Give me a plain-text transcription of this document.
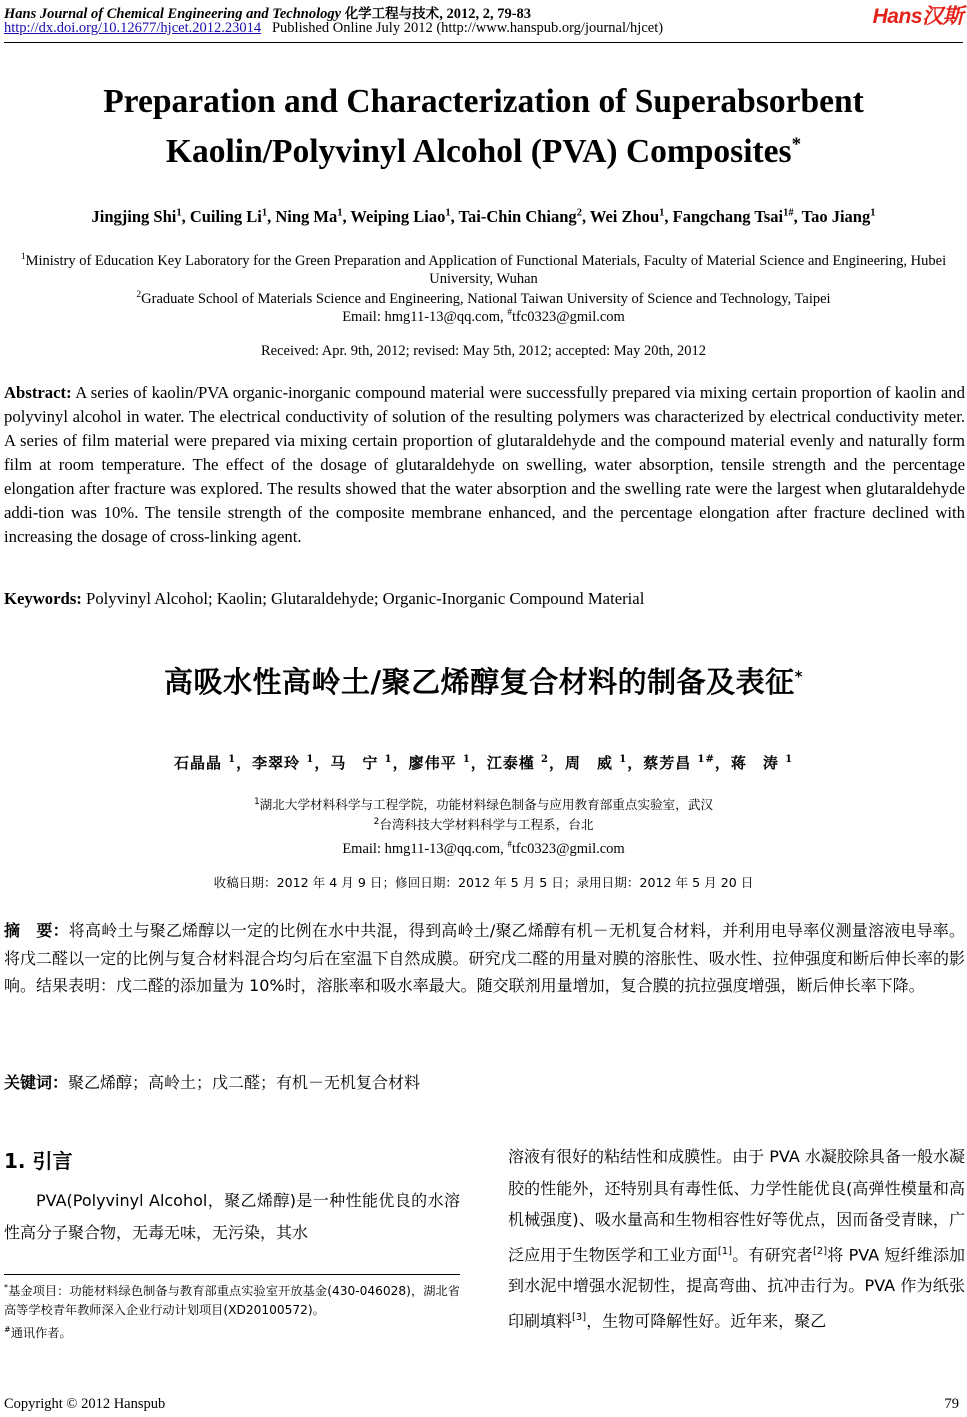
Hans Journal of Chemical Engineering and Technology 化学工程与技术, 2012, 2, 79-83
http://dx.doi.org/10.12677/hjcet.2012.23014 Published Online July 2012 (http://www.hanspub.org/journal/hjcet)	Hans汉斯
Preparation and Characterization of Superabsorbent
Kaolin/Polyvinyl Alcohol (PVA) Composites*
Jingjing Shi$^1$, Cuiling Li$^1$, Ning Ma$^1$, Weiping Liao$^1$, Tai-Chin Chiang$^2$, Wei Zhou$^1$, Fangchang Tsai$^{1\#}$, Tao Jiang$^1$
$^1$Ministry of Education Key Laboratory for the Green Preparation and Application of Functional Materials, Faculty of Material Science and Engineering, Hubei University, Wuhan
$^2$Graduate School of Materials Science and Engineering, National Taiwan University of Science and Technology, Taipei
Email: hmg11-13@qq.com, #tfc0323@gmil.com
Received: Apr. 9th, 2012; revised: May 5th, 2012; accepted: May 20th, 2012
Abstract: A series of kaolin/PVA organic-inorganic compound material were successfully prepared via mixing certain proportion of kaolin and polyvinyl alcohol in water. The electrical conductivity of solution of the resulting polymers was characterized by electrical conductivity meter. A series of film material were prepared via mixing certain proportion of glutaraldehyde and the compound material evenly and naturally form film at room temperature. The effect of the dosage of glutaraldehyde on swelling, water absorption, tensile strength and the percentage elongation after fracture was explored. The results showed that the water absorption and the swelling rate were the largest when glutaraldehyde addi-tion was 10%. The tensile strength of the composite membrane enhanced, and the percentage elongation after fracture declined with increasing the dosage of cross-linking agent.
Keywords: Polyvinyl Alcohol; Kaolin; Glutaraldehyde; Organic-Inorganic Compound Material
高吸水性高岭土/聚乙烯醇复合材料的制备及表征*
石晶晶 $^1$，李翠玲 $^1$，马　宁 $^1$，廖伟平 $^1$，江泰槿 $^2$，周　威 $^1$，蔡芳昌 $^{1\#}$，蒋　涛 $^1$
$^1$湖北大学材料科学与工程学院，功能材料绿色制备与应用教育部重点实验室，武汉
$^2$台湾科技大学材料科学与工程系，台北
Email: hmg11-13@qq.com, #tfc0323@gmil.com
收稿日期：2012 年 4 月 9 日；修回日期：2012 年 5 月 5 日；录用日期：2012 年 5 月 20 日
摘　要：将高岭土与聚乙烯醇以一定的比例在水中共混，得到高岭土/聚乙烯醇有机－无机复合材料，并利用电导率仪测量溶液电导率。将戊二醛以一定的比例与复合材料混合均匀后在室温下自然成膜。研究戊二醛的用量对膜的溶胀性、吸水性、拉伸强度和断后伸长率的影响。结果表明：戊二醛的添加量为 10%时，溶胀率和吸水率最大。随交联剂用量增加，复合膜的抗拉强度增强，断后伸长率下降。
关键词：聚乙烯醇；高岭土；戊二醛；有机－无机复合材料
1. 引言
PVA(Polyvinyl Alcohol，聚乙烯醇)是一种性能优良的水溶性高分子聚合物，无毒无味，无污染，其水
溶液有很好的粘结性和成膜性。由于 PVA 水凝胶除具备一般水凝胶的性能外，还特别具有毒性低、力学性能优良(高弹性模量和高机械强度)、吸水量高和生物相容性好等优点，因而备受青睐，广泛应用于生物医学和工业方面[1]。有研究者[2]将 PVA 短纤维添加到水泥中增强水泥韧性，提高弯曲、抗冲击行为。PVA 作为纸张印刷填料[3]，生物可降解性好。近年来，聚乙
*基金项目：功能材料绿色制备与教育部重点实验室开放基金(430-046028)，湖北省高等学校青年教师深入企业行动计划项目(XD20100572)。
#通讯作者。
Copyright © 2012 Hanspub	79
